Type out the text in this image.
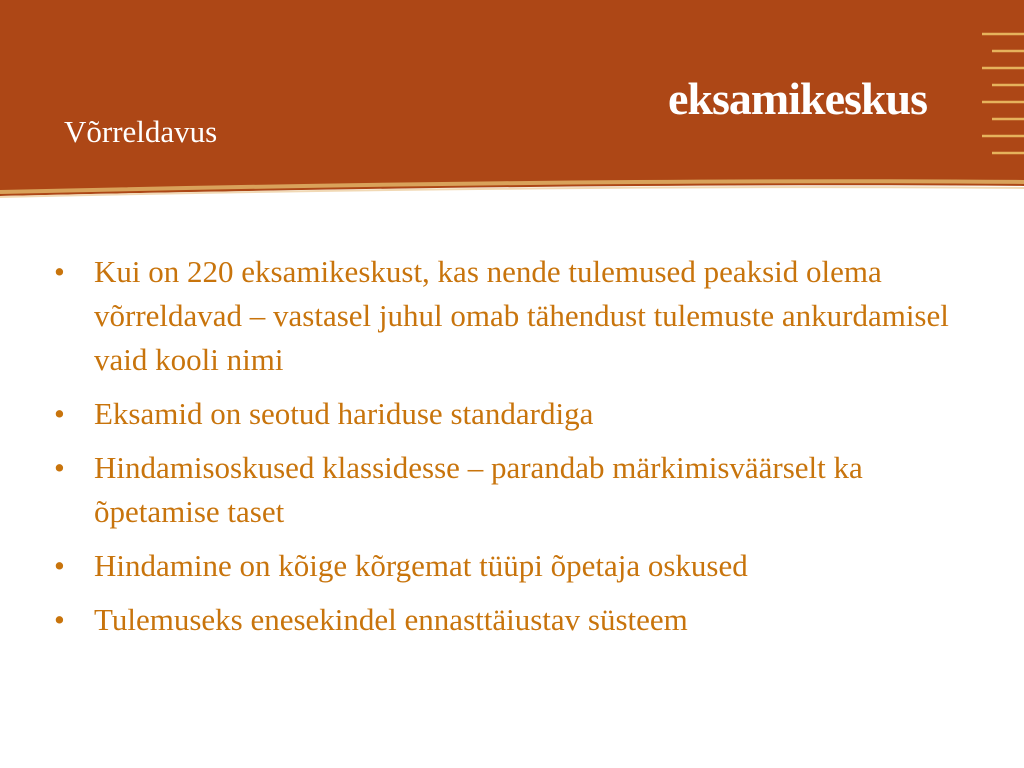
Võrreldavus
eksamikeskus
• Kui on 220 eksamikeskust, kas nende tulemused peaksid olema võrreldavad – vastasel juhul omab tähendust tulemuste ankurdamisel vaid kooli nimi
• Eksamid on seotud hariduse standardiga
• Hindamisoskused klassidesse – parandab märkimisväärselt ka õpetamise taset
• Hindamine on kõige kõrgemat tüüpi õpetaja oskused
• Tulemuseks enesekindel ennasttäiustav süsteem
